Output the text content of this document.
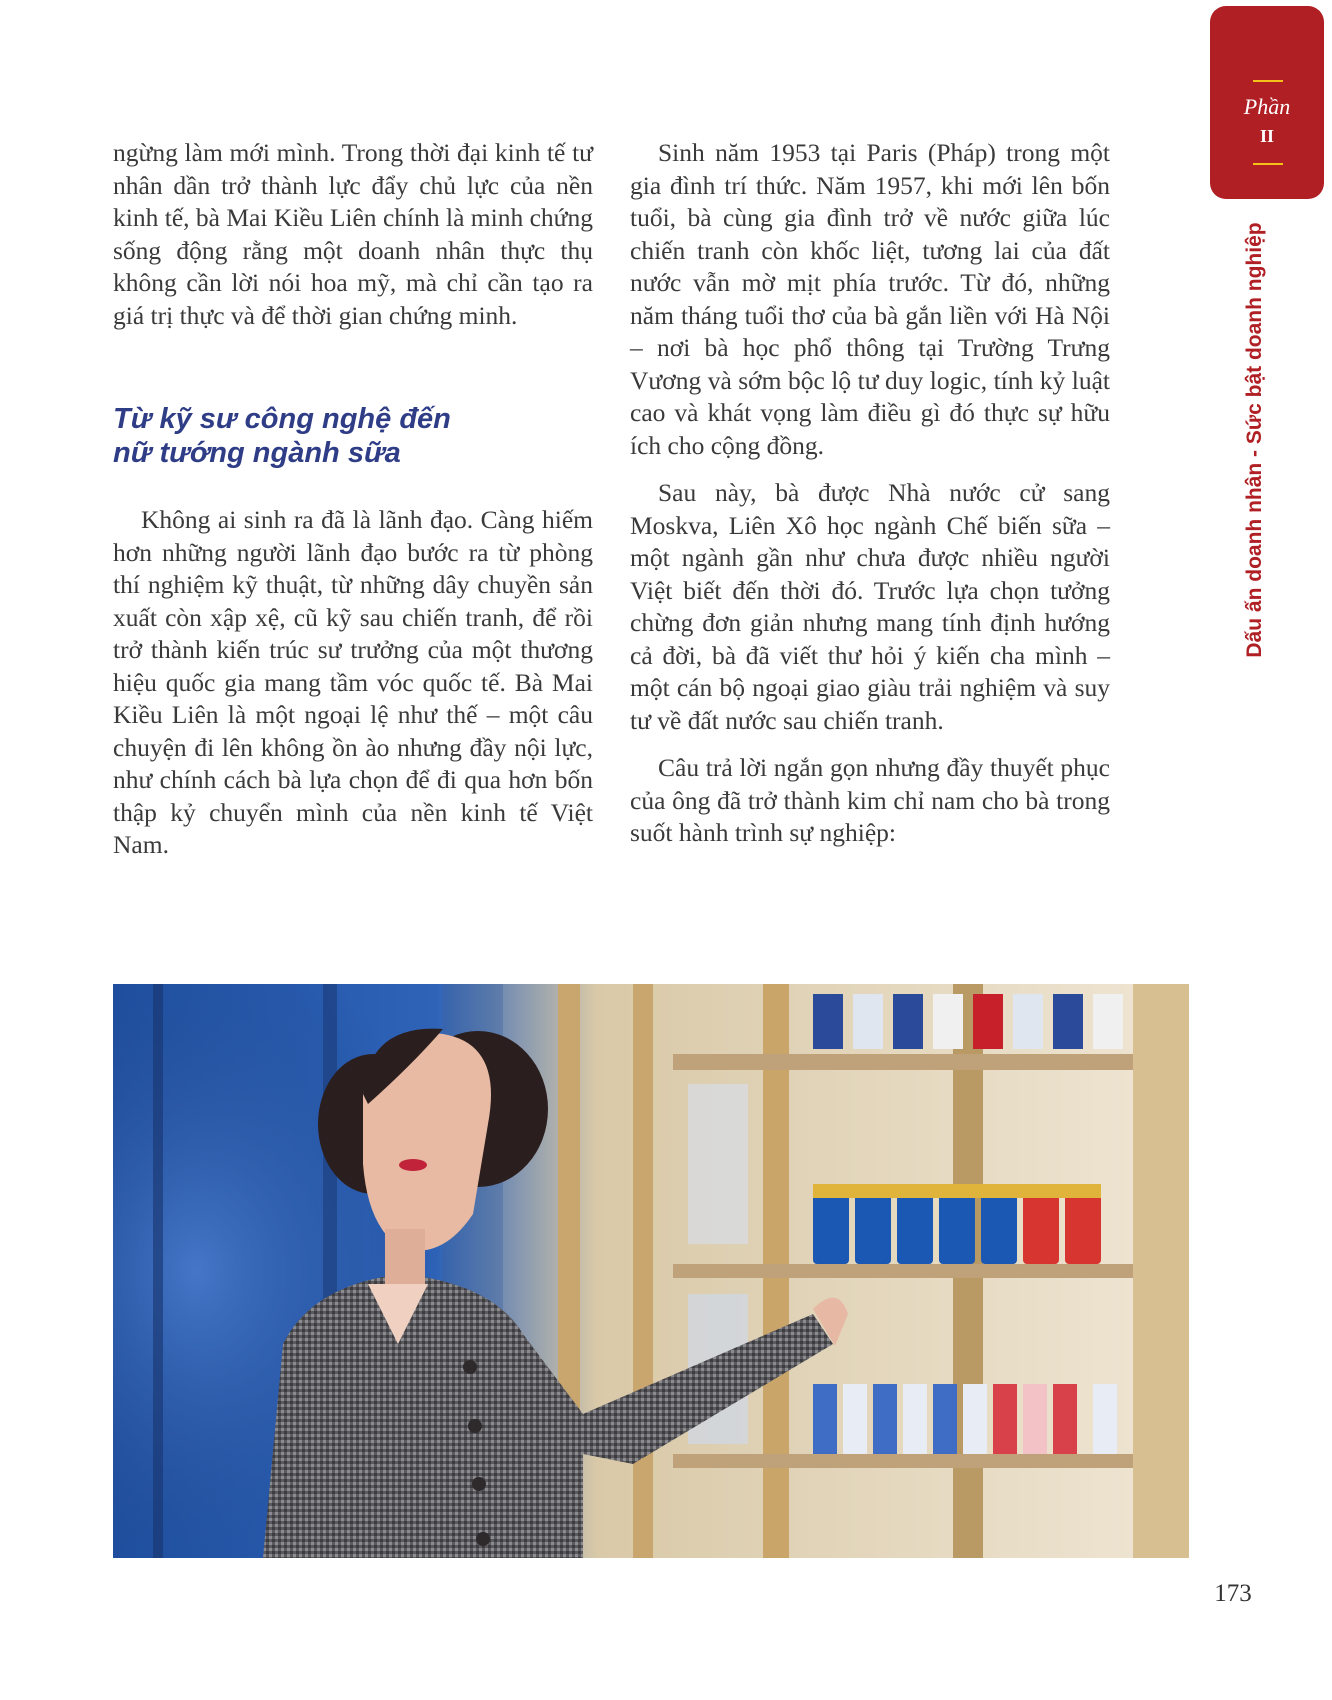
Phần
II
Dấu ấn doanh nhân - Sức bật doanh nghiệp

ngừng làm mới mình. Trong thời đại kinh tế tư nhân dần trở thành lực đẩy chủ lực của nền kinh tế, bà Mai Kiều Liên chính là minh chứng sống động rằng một doanh nhân thực thụ không cần lời nói hoa mỹ, mà chỉ cần tạo ra giá trị thực và để thời gian chứng minh.

Từ kỹ sư công nghệ đến
nữ tướng ngành sữa

Không ai sinh ra đã là lãnh đạo. Càng hiếm hơn những người lãnh đạo bước ra từ phòng thí nghiệm kỹ thuật, từ những dây chuyền sản xuất còn xập xệ, cũ kỹ sau chiến tranh, để rồi trở thành kiến trúc sư trưởng của một thương hiệu quốc gia mang tầm vóc quốc tế. Bà Mai Kiều Liên là một ngoại lệ như thế – một câu chuyện đi lên không ồn ào nhưng đầy nội lực, như chính cách bà lựa chọn để đi qua hơn bốn thập kỷ chuyển mình của nền kinh tế Việt Nam.

Sinh năm 1953 tại Paris (Pháp) trong một gia đình trí thức. Năm 1957, khi mới lên bốn tuổi, bà cùng gia đình trở về nước giữa lúc chiến tranh còn khốc liệt, tương lai của đất nước vẫn mờ mịt phía trước. Từ đó, những năm tháng tuổi thơ của bà gắn liền với Hà Nội – nơi bà học phổ thông tại Trường Trưng Vương và sớm bộc lộ tư duy logic, tính kỷ luật cao và khát vọng làm điều gì đó thực sự hữu ích cho cộng đồng.

Sau này, bà được Nhà nước cử sang Moskva, Liên Xô học ngành Chế biến sữa – một ngành gần như chưa được nhiều người Việt biết đến thời đó. Trước lựa chọn tưởng chừng đơn giản nhưng mang tính định hướng cả đời, bà đã viết thư hỏi ý kiến cha mình – một cán bộ ngoại giao giàu trải nghiệm và suy tư về đất nước sau chiến tranh.

Câu trả lời ngắn gọn nhưng đầy thuyết phục của ông đã trở thành kim chỉ nam cho bà trong suốt hành trình sự nghiệp:

173
